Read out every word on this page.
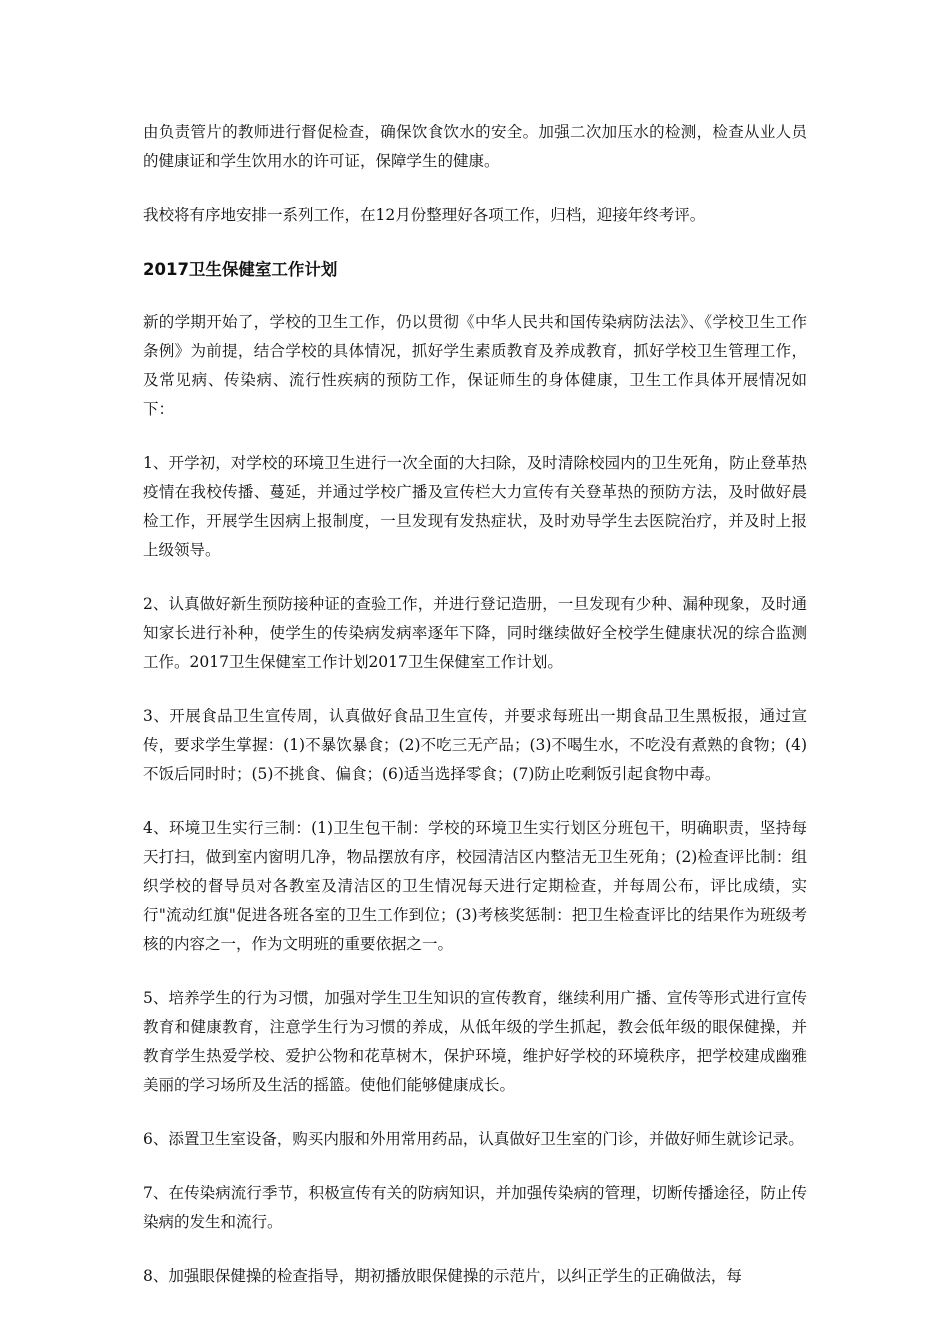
由负责管片的教师进行督促检查，确保饮食饮水的安全。加强二次加压水的检测，检查从业人员的健康证和学生饮用水的许可证，保障学生的健康。

我校将有序地安排一系列工作，在12月份整理好各项工作，归档，迎接年终考评。

2017卫生保健室工作计划

新的学期开始了，学校的卫生工作，仍以贯彻《中华人民共和国传染病防法法》、《学校卫生工作条例》为前提，结合学校的具体情况，抓好学生素质教育及养成教育，抓好学校卫生管理工作，及常见病、传染病、流行性疾病的预防工作，保证师生的身体健康，卫生工作具体开展情况如下：

1、开学初，对学校的环境卫生进行一次全面的大扫除，及时清除校园内的卫生死角，防止登革热疫情在我校传播、蔓延，并通过学校广播及宣传栏大力宣传有关登革热的预防方法，及时做好晨检工作，开展学生因病上报制度，一旦发现有发热症状，及时劝导学生去医院治疗，并及时上报上级领导。

2、认真做好新生预防接种证的查验工作，并进行登记造册，一旦发现有少种、漏种现象，及时通知家长进行补种，使学生的传染病发病率逐年下降，同时继续做好全校学生健康状况的综合监测工作。2017卫生保健室工作计划2017卫生保健室工作计划。

3、开展食品卫生宣传周，认真做好食品卫生宣传，并要求每班出一期食品卫生黑板报，通过宣传，要求学生掌握：(1)不暴饮暴食；(2)不吃三无产品；(3)不喝生水，不吃没有煮熟的食物；(4)不饭后同时时；(5)不挑食、偏食；(6)适当选择零食；(7)防止吃剩饭引起食物中毒。

4、环境卫生实行三制：(1)卫生包干制：学校的环境卫生实行划区分班包干，明确职责，坚持每天打扫，做到室内窗明几净，物品摆放有序，校园清洁区内整洁无卫生死角；(2)检查评比制：组织学校的督导员对各教室及清洁区的卫生情况每天进行定期检查，并每周公布，评比成绩，实行"流动红旗"促进各班各室的卫生工作到位；(3)考核奖惩制：把卫生检查评比的结果作为班级考核的内容之一，作为文明班的重要依据之一。

5、培养学生的行为习惯，加强对学生卫生知识的宣传教育，继续利用广播、宣传等形式进行宣传教育和健康教育，注意学生行为习惯的养成，从低年级的学生抓起，教会低年级的眼保健操，并教育学生热爱学校、爱护公物和花草树木，保护环境，维护好学校的环境秩序，把学校建成幽雅美丽的学习场所及生活的摇篮。使他们能够健康成长。

6、添置卫生室设备，购买内服和外用常用药品，认真做好卫生室的门诊，并做好师生就诊记录。

7、在传染病流行季节，积极宣传有关的防病知识，并加强传染病的管理，切断传播途径，防止传染病的发生和流行。

8、加强眼保健操的检查指导，期初播放眼保健操的示范片，以纠正学生的正确做法，每
